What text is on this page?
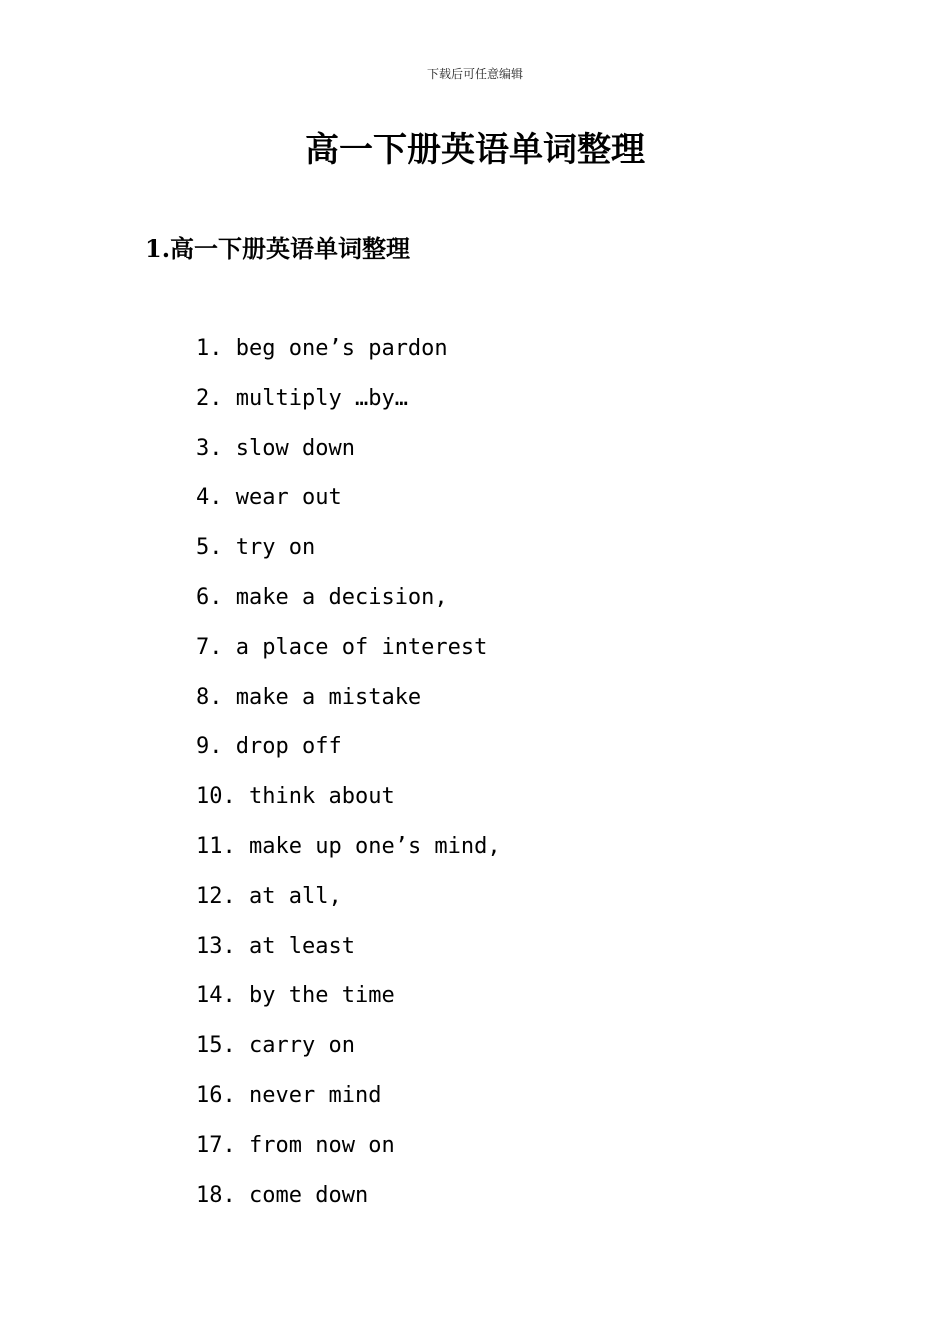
下载后可任意编辑
高一下册英语单词整理
1.高一下册英语单词整理
1. beg one’s pardon
2. multiply …by…
3. slow down
4. wear out
5. try on
6. make a decision,
7. a place of interest
8. make a mistake
9. drop off
10. think about
11. make up one’s mind,
12. at all,
13. at least
14. by the time
15. carry on
16. never mind
17. from now on
18. come down
